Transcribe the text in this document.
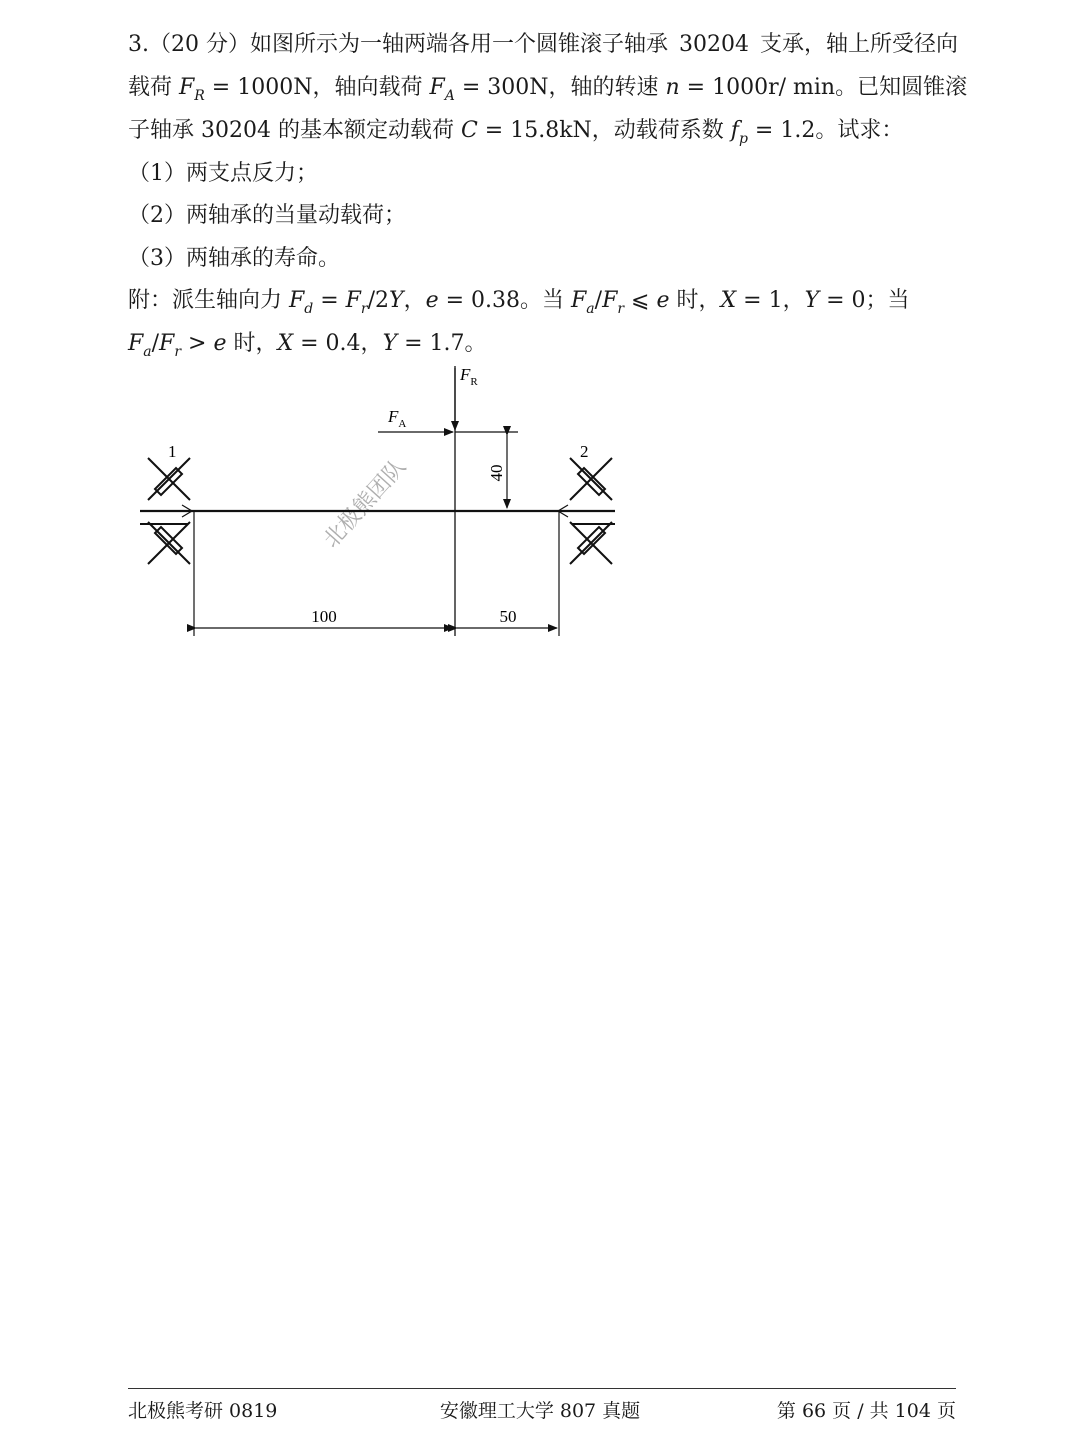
3.（20 分）如图所示为一轴两端各用一个圆锥滚子轴承 30204 支承，轴上所受径向
载荷 $F_R = 1000N$，轴向载荷 $F_A = 300N$，轴的转速 n = 1000r/ min。已知圆锥滚
子轴承 30204 的基本额定动载荷 C = 15.8kN，动载荷系数 $f_p = 1.2$。试求：
（1）两支点反力；
（2）两轴承的当量动载荷；
（3）两轴承的寿命。
附：派生轴向力 $F_d = F_r/2Y$，e = 0.38。当 $F_a/F_r$ ⩽ e 时，X = 1，Y = 0；当
$F_a/F_r > e$ 时，X = 0.4，Y = 1.7。
北极熊团队
1	2
$F_R$
$F_A$
40
100	50
北极熊考研 0819	安徽理工大学 807 真题	第 66 页 / 共 104 页
